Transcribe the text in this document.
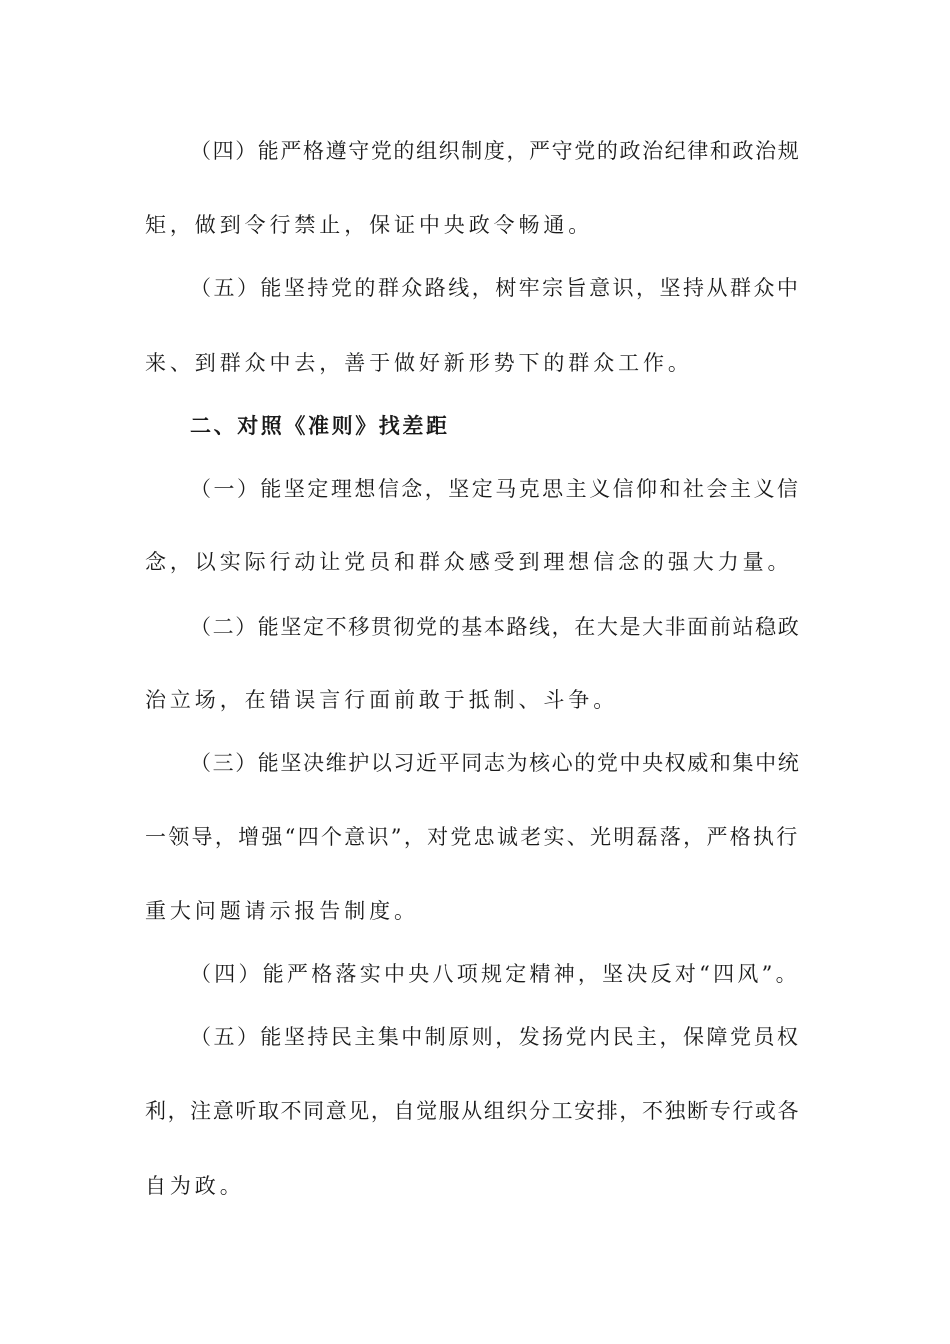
（四）能严格遵守党的组织制度，严守党的政治纪律和政治规
矩，做到令行禁止，保证中央政令畅通。
（五）能坚持党的群众路线，树牢宗旨意识，坚持从群众中
来、到群众中去，善于做好新形势下的群众工作。
二、对照《准则》找差距
（一）能坚定理想信念，坚定马克思主义信仰和社会主义信
念，以实际行动让党员和群众感受到理想信念的强大力量。
（二）能坚定不移贯彻党的基本路线，在大是大非面前站稳政
治立场，在错误言行面前敢于抵制、斗争。
（三）能坚决维护以习近平同志为核心的党中央权威和集中统
一领导，增强“四个意识”，对党忠诚老实、光明磊落，严格执行
重大问题请示报告制度。
（四）能严格落实中央八项规定精神，坚决反对“四风”。
（五）能坚持民主集中制原则，发扬党内民主，保障党员权
利，注意听取不同意见，自觉服从组织分工安排，不独断专行或各
自为政。
